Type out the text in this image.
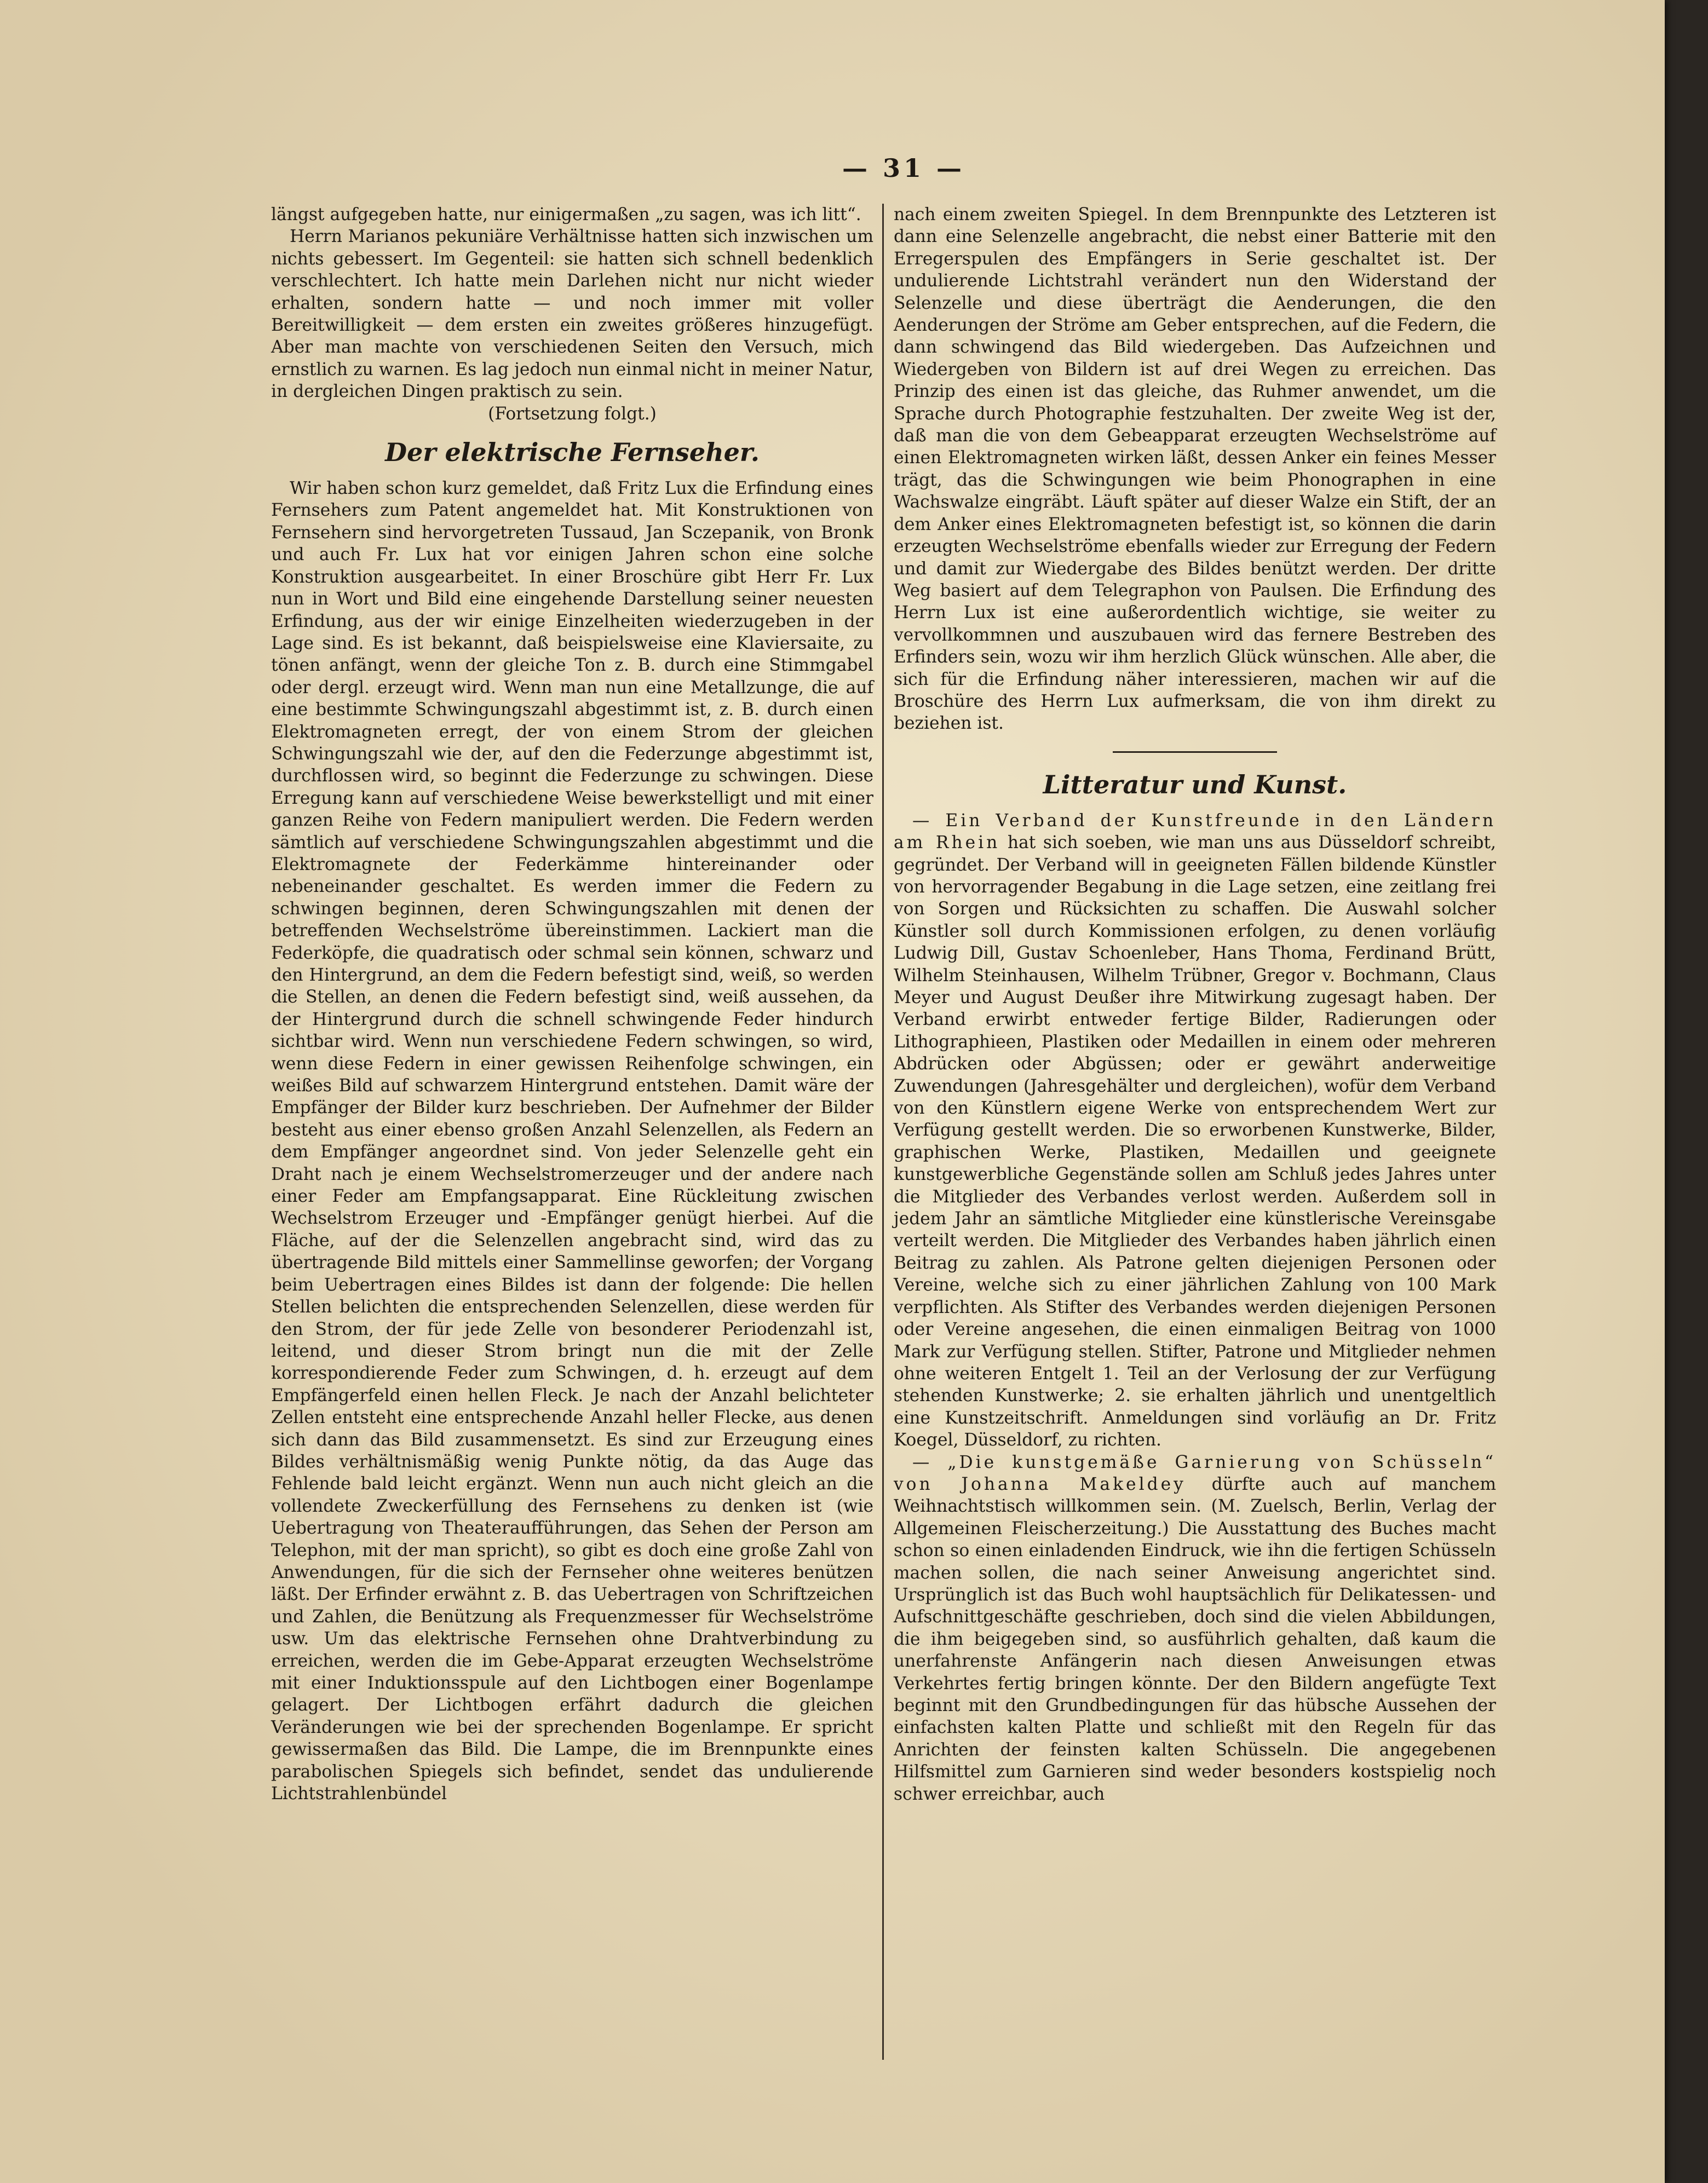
— 31 —

längst aufgegeben hatte, nur einigermaßen „zu sagen, was ich litt“.

Herrn Marianos pekuniäre Verhältnisse hatten sich inzwischen um nichts gebessert. Im Gegenteil: sie hatten sich schnell bedenklich verschlechtert. Ich hatte mein Darlehen nicht nur nicht wieder erhalten, sondern hatte — und noch immer mit voller Bereitwilligkeit — dem ersten ein zweites größeres hinzugefügt. Aber man machte von verschiedenen Seiten den Versuch, mich ernstlich zu warnen. Es lag jedoch nun einmal nicht in meiner Natur, in dergleichen Dingen praktisch zu sein.

(Fortsetzung folgt.)

Der elektrische Fernseher.

Wir haben schon kurz gemeldet, daß Fritz Lux die Erfindung eines Fernsehers zum Patent angemeldet hat. Mit Konstruktionen von Fernsehern sind hervorgetreten Tussaud, Jan Sczepanik, von Bronk und auch Fr. Lux hat vor einigen Jahren schon eine solche Konstruktion ausgearbeitet. In einer Broschüre gibt Herr Fr. Lux nun in Wort und Bild eine eingehende Darstellung seiner neuesten Erfindung, aus der wir einige Einzelheiten wiederzugeben in der Lage sind. Es ist bekannt, daß beispielsweise eine Klaviersaite, zu tönen anfängt, wenn der gleiche Ton z. B. durch eine Stimmgabel oder dergl. erzeugt wird. Wenn man nun eine Metallzunge, die auf eine bestimmte Schwingungszahl abgestimmt ist, z. B. durch einen Elektromagneten erregt, der von einem Strom der gleichen Schwingungszahl wie der, auf den die Federzunge abgestimmt ist, durchflossen wird, so beginnt die Federzunge zu schwingen. Diese Erregung kann auf verschiedene Weise bewerkstelligt und mit einer ganzen Reihe von Federn manipuliert werden. Die Federn werden sämtlich auf verschiedene Schwingungszahlen abgestimmt und die Elektromagnete der Federkämme hintereinander oder nebeneinander geschaltet. Es werden immer die Federn zu schwingen beginnen, deren Schwingungszahlen mit denen der betreffenden Wechselströme übereinstimmen. Lackiert man die Federköpfe, die quadratisch oder schmal sein können, schwarz und den Hintergrund, an dem die Federn befestigt sind, weiß, so werden die Stellen, an denen die Federn befestigt sind, weiß aussehen, da der Hintergrund durch die schnell schwingende Feder hindurch sichtbar wird. Wenn nun verschiedene Federn schwingen, so wird, wenn diese Federn in einer gewissen Reihenfolge schwingen, ein weißes Bild auf schwarzem Hintergrund entstehen. Damit wäre der Empfänger der Bilder kurz beschrieben. Der Aufnehmer der Bilder besteht aus einer ebenso großen Anzahl Selenzellen, als Federn an dem Empfänger angeordnet sind. Von jeder Selenzelle geht ein Draht nach je einem Wechselstromerzeuger und der andere nach einer Feder am Empfangsapparat. Eine Rückleitung zwischen Wechselstrom Erzeuger und -Empfänger genügt hierbei. Auf die Fläche, auf der die Selenzellen angebracht sind, wird das zu übertragende Bild mittels einer Sammellinse geworfen; der Vorgang beim Uebertragen eines Bildes ist dann der folgende: Die hellen Stellen belichten die entsprechenden Selenzellen, diese werden für den Strom, der für jede Zelle von besonderer Periodenzahl ist, leitend, und dieser Strom bringt nun die mit der Zelle korrespondierende Feder zum Schwingen, d. h. erzeugt auf dem Empfängerfeld einen hellen Fleck. Je nach der Anzahl belichteter Zellen entsteht eine entsprechende Anzahl heller Flecke, aus denen sich dann das Bild zusammensetzt. Es sind zur Erzeugung eines Bildes verhältnismäßig wenig Punkte nötig, da das Auge das Fehlende bald leicht ergänzt. Wenn nun auch nicht gleich an die vollendete Zweckerfüllung des Fernsehens zu denken ist (wie Uebertragung von Theateraufführungen, das Sehen der Person am Telephon, mit der man spricht), so gibt es doch eine große Zahl von Anwendungen, für die sich der Fernseher ohne weiteres benützen läßt. Der Erfinder erwähnt z. B. das Uebertragen von Schriftzeichen und Zahlen, die Benützung als Frequenzmesser für Wechselströme usw. Um das elektrische Fernsehen ohne Drahtverbindung zu erreichen, werden die im Gebe-Apparat erzeugten Wechselströme mit einer Induktionsspule auf den Lichtbogen einer Bogenlampe gelagert. Der Lichtbogen erfährt dadurch die gleichen Veränderungen wie bei der sprechenden Bogenlampe. Er spricht gewissermaßen das Bild. Die Lampe, die im Brennpunkte eines parabolischen Spiegels sich befindet, sendet das undulierende Lichtstrahlenbündel

nach einem zweiten Spiegel. In dem Brennpunkte des Letzteren ist dann eine Selenzelle angebracht, die nebst einer Batterie mit den Erregerspulen des Empfängers in Serie geschaltet ist. Der undulierende Lichtstrahl verändert nun den Widerstand der Selenzelle und diese überträgt die Aenderungen, die den Aenderungen der Ströme am Geber entsprechen, auf die Federn, die dann schwingend das Bild wiedergeben. Das Aufzeichnen und Wiedergeben von Bildern ist auf drei Wegen zu erreichen. Das Prinzip des einen ist das gleiche, das Ruhmer anwendet, um die Sprache durch Photographie festzuhalten. Der zweite Weg ist der, daß man die von dem Gebeapparat erzeugten Wechselströme auf einen Elektromagneten wirken läßt, dessen Anker ein feines Messer trägt, das die Schwingungen wie beim Phonographen in eine Wachswalze eingräbt. Läuft später auf dieser Walze ein Stift, der an dem Anker eines Elektromagneten befestigt ist, so können die darin erzeugten Wechselströme ebenfalls wieder zur Erregung der Federn und damit zur Wiedergabe des Bildes benützt werden. Der dritte Weg basiert auf dem Telegraphon von Paulsen. Die Erfindung des Herrn Lux ist eine außerordentlich wichtige, sie weiter zu vervollkommnen und auszubauen wird das fernere Bestreben des Erfinders sein, wozu wir ihm herzlich Glück wünschen. Alle aber, die sich für die Erfindung näher interessieren, machen wir auf die Broschüre des Herrn Lux aufmerksam, die von ihm direkt zu beziehen ist.

Litteratur und Kunst.

— Ein Verband der Kunstfreunde in den Ländern am Rhein hat sich soeben, wie man uns aus Düsseldorf schreibt, gegründet. Der Verband will in geeigneten Fällen bildende Künstler von hervorragender Begabung in die Lage setzen, eine zeitlang frei von Sorgen und Rücksichten zu schaffen. Die Auswahl solcher Künstler soll durch Kommissionen erfolgen, zu denen vorläufig Ludwig Dill, Gustav Schoenleber, Hans Thoma, Ferdinand Brütt, Wilhelm Steinhausen, Wilhelm Trübner, Gregor v. Bochmann, Claus Meyer und August Deußer ihre Mitwirkung zugesagt haben. Der Verband erwirbt entweder fertige Bilder, Radierungen oder Lithographieen, Plastiken oder Medaillen in einem oder mehreren Abdrücken oder Abgüssen; oder er gewährt anderweitige Zuwendungen (Jahresgehälter und dergleichen), wofür dem Verband von den Künstlern eigene Werke von entsprechendem Wert zur Verfügung gestellt werden. Die so erworbenen Kunstwerke, Bilder, graphischen Werke, Plastiken, Medaillen und geeignete kunstgewerbliche Gegenstände sollen am Schluß jedes Jahres unter die Mitglieder des Verbandes verlost werden. Außerdem soll in jedem Jahr an sämtliche Mitglieder eine künstlerische Vereinsgabe verteilt werden. Die Mitglieder des Verbandes haben jährlich einen Beitrag zu zahlen. Als Patrone gelten diejenigen Personen oder Vereine, welche sich zu einer jährlichen Zahlung von 100 Mark verpflichten. Als Stifter des Verbandes werden diejenigen Personen oder Vereine angesehen, die einen einmaligen Beitrag von 1000 Mark zur Verfügung stellen. Stifter, Patrone und Mitglieder nehmen ohne weiteren Entgelt 1. Teil an der Verlosung der zur Verfügung stehenden Kunstwerke; 2. sie erhalten jährlich und unentgeltlich eine Kunstzeitschrift. Anmeldungen sind vorläufig an Dr. Fritz Koegel, Düsseldorf, zu richten.

— „Die kunstgemäße Garnierung von Schüsseln“ von Johanna Makeldey dürfte auch auf manchem Weihnachtstisch willkommen sein. (M. Zuelsch, Berlin, Verlag der Allgemeinen Fleischerzeitung.) Die Ausstattung des Buches macht schon so einen einladenden Eindruck, wie ihn die fertigen Schüsseln machen sollen, die nach seiner Anweisung angerichtet sind. Ursprünglich ist das Buch wohl hauptsächlich für Delikatessen- und Aufschnittgeschäfte geschrieben, doch sind die vielen Abbildungen, die ihm beigegeben sind, so ausführlich gehalten, daß kaum die unerfahrenste Anfängerin nach diesen Anweisungen etwas Verkehrtes fertig bringen könnte. Der den Bildern angefügte Text beginnt mit den Grundbedingungen für das hübsche Aussehen der einfachsten kalten Platte und schließt mit den Regeln für das Anrichten der feinsten kalten Schüsseln. Die angegebenen Hilfsmittel zum Garnieren sind weder besonders kostspielig noch schwer erreichbar, auch
